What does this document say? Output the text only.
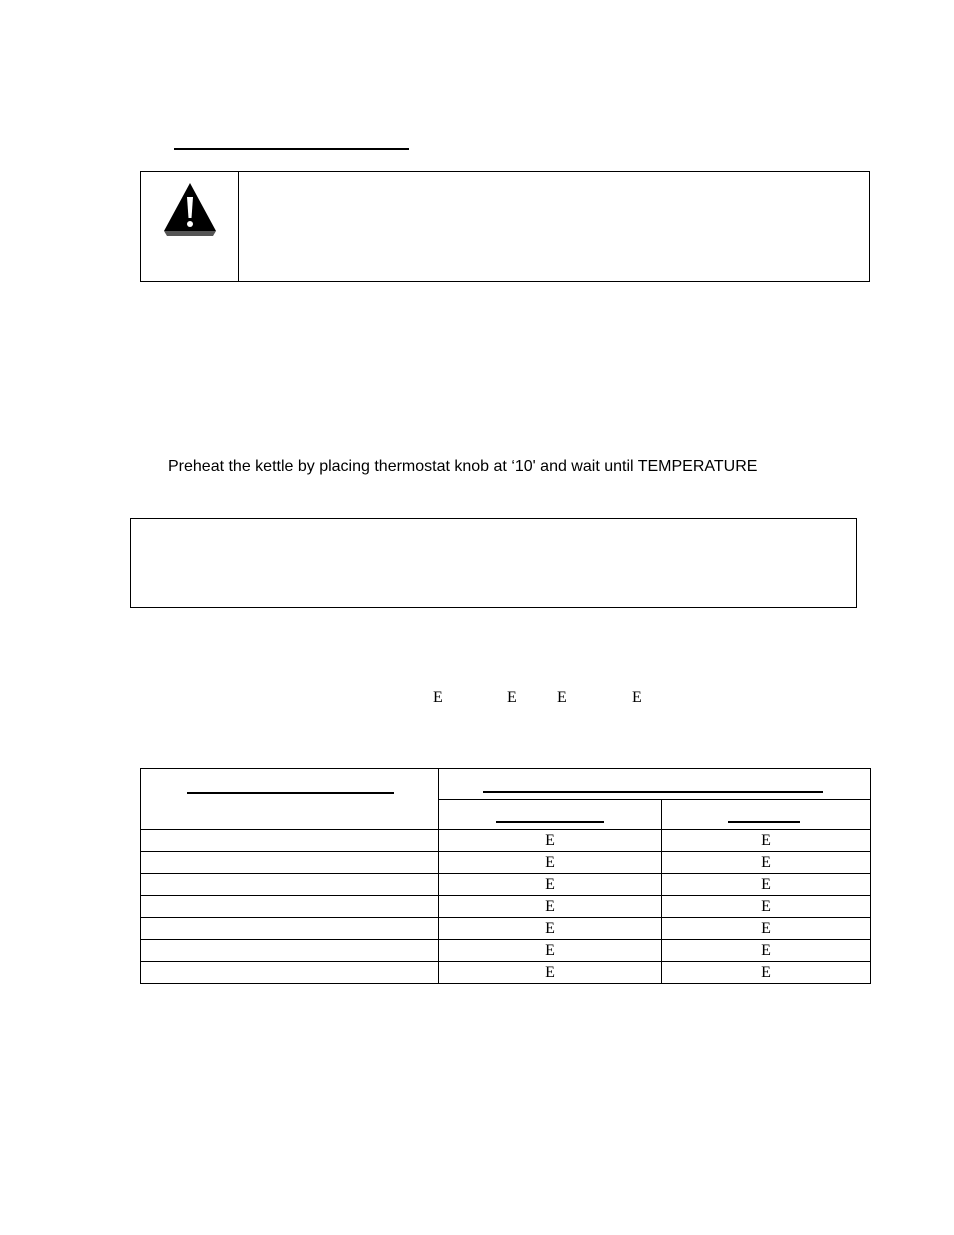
Preheat the kettle by placing thermostat knob at ‘10' and wait until TEMPERATURE
E	E	E	E

	E	E
	E	E
	E	E
	E	E
	E	E
	E	E
	E	E
